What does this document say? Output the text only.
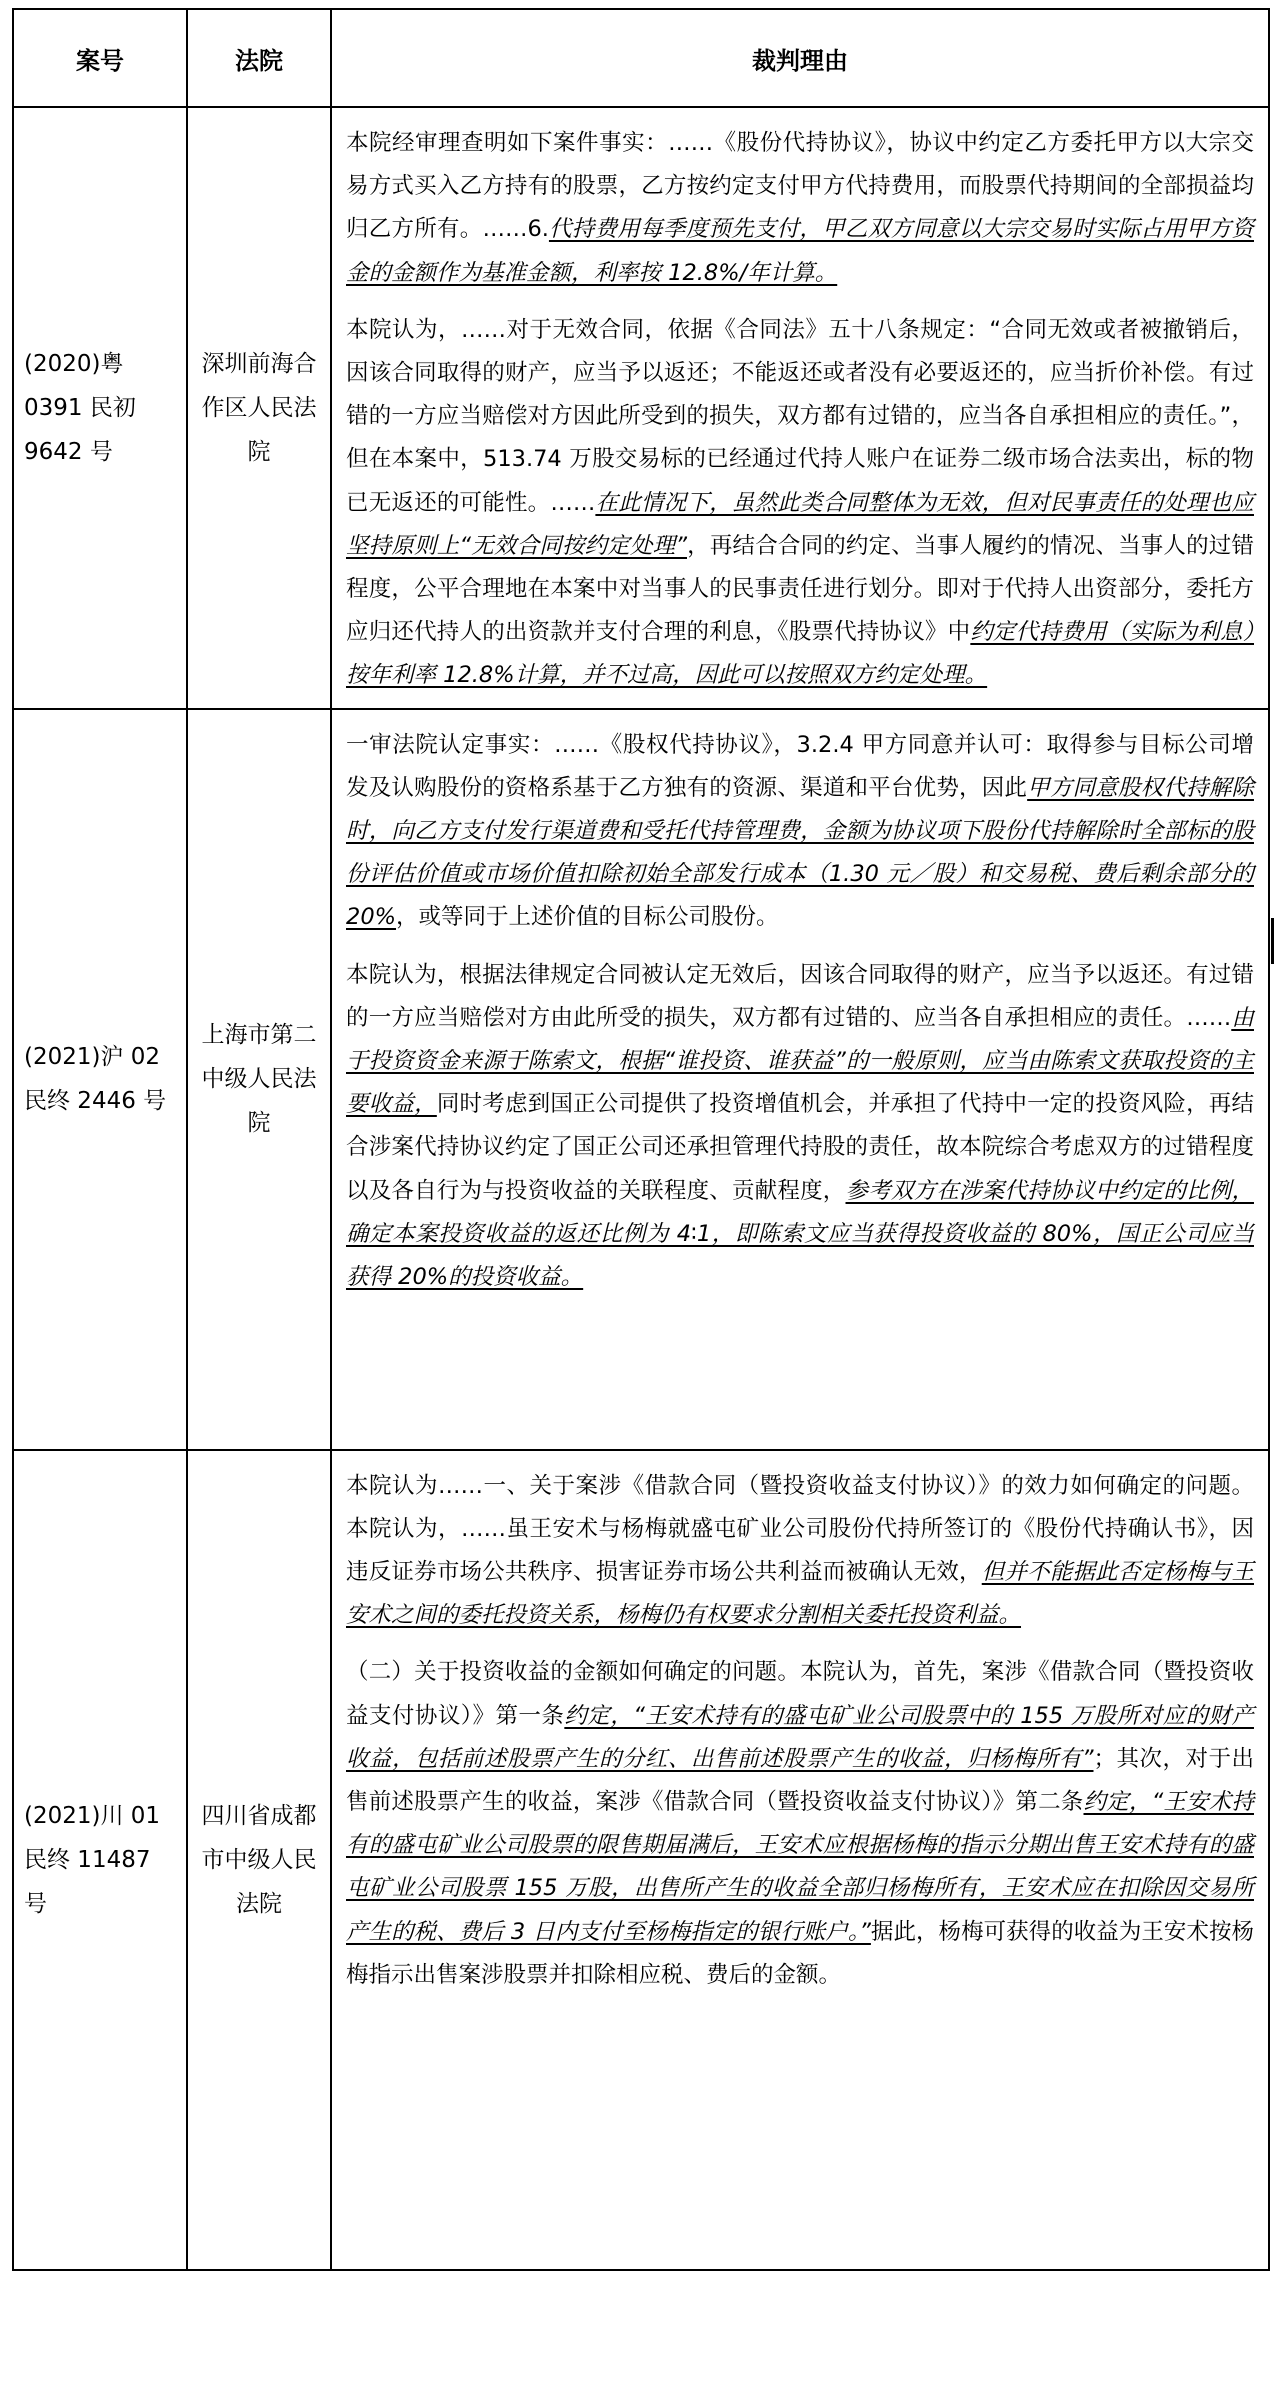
案号	法院	裁判理由
(2020)粤 0391 民初 9642 号	深圳前海合作区人民法院	本院经审理查明如下案件事实：……《股份代持协议》，协议中约定乙方委托甲方以大宗交易方式买入乙方持有的股票，乙方按约定支付甲方代持费用，而股票代持期间的全部损益均归乙方所有。……6.代持费用每季度预先支付，甲乙双方同意以大宗交易时实际占用甲方资金的金额作为基准金额，利率按 12.8%/年计算。

本院认为，……对于无效合同，依据《合同法》五十八条规定：“合同无效或者被撤销后，因该合同取得的财产，应当予以返还；不能返还或者没有必要返还的，应当折价补偿。有过错的一方应当赔偿对方因此所受到的损失，双方都有过错的，应当各自承担相应的责任。”，但在本案中，513.74 万股交易标的已经通过代持人账户在证券二级市场合法卖出，标的物已无返还的可能性。……在此情况下，虽然此类合同整体为无效，但对民事责任的处理也应坚持原则上“无效合同按约定处理”，再结合合同的约定、当事人履约的情况、当事人的过错程度，公平合理地在本案中对当事人的民事责任进行划分。即对于代持人出资部分，委托方应归还代持人的出资款并支付合理的利息，《股票代持协议》中约定代持费用（实际为利息）按年利率 12.8%计算，并不过高，因此可以按照双方约定处理。

(2021)沪 02 民终 2446 号	上海市第二中级人民法院	一审法院认定事实：……《股权代持协议》，3.2.4 甲方同意并认可：取得参与目标公司增发及认购股份的资格系基于乙方独有的资源、渠道和平台优势，因此甲方同意股权代持解除时，向乙方支付发行渠道费和受托代持管理费，金额为协议项下股份代持解除时全部标的股份评估价值或市场价值扣除初始全部发行成本（1.30 元／股）和交易税、费后剩余部分的 20%，或等同于上述价值的目标公司股份。

本院认为，根据法律规定合同被认定无效后，因该合同取得的财产，应当予以返还。有过错的一方应当赔偿对方由此所受的损失，双方都有过错的、应当各自承担相应的责任。……由于投资资金来源于陈索文，根据“谁投资、谁获益”的一般原则，应当由陈索文获取投资的主要收益，同时考虑到国正公司提供了投资增值机会，并承担了代持中一定的投资风险，再结合涉案代持协议约定了国正公司还承担管理代持股的责任，故本院综合考虑双方的过错程度以及各自行为与投资收益的关联程度、贡献程度，参考双方在涉案代持协议中约定的比例，确定本案投资收益的返还比例为 4∶1，即陈索文应当获得投资收益的 80%，国正公司应当获得 20%的投资收益。

(2021)川 01 民终 11487 号	四川省成都市中级人民法院	本院认为……一、关于案涉《借款合同（暨投资收益支付协议）》的效力如何确定的问题。本院认为，……虽王安术与杨梅就盛屯矿业公司股份代持所签订的《股份代持确认书》，因违反证券市场公共秩序、损害证券市场公共利益而被确认无效，但并不能据此否定杨梅与王安术之间的委托投资关系，杨梅仍有权要求分割相关委托投资利益。

（二）关于投资收益的金额如何确定的问题。本院认为，首先，案涉《借款合同（暨投资收益支付协议）》第一条约定，“王安术持有的盛屯矿业公司股票中的 155 万股所对应的财产收益，包括前述股票产生的分红、出售前述股票产生的收益，归杨梅所有”；其次，对于出售前述股票产生的收益，案涉《借款合同（暨投资收益支付协议）》第二条约定，“王安术持有的盛屯矿业公司股票的限售期届满后，王安术应根据杨梅的指示分期出售王安术持有的盛屯矿业公司股票 155 万股，出售所产生的收益全部归杨梅所有，王安术应在扣除因交易所产生的税、费后 3 日内支付至杨梅指定的银行账户。”据此，杨梅可获得的收益为王安术按杨梅指示出售案涉股票并扣除相应税、费后的金额。
